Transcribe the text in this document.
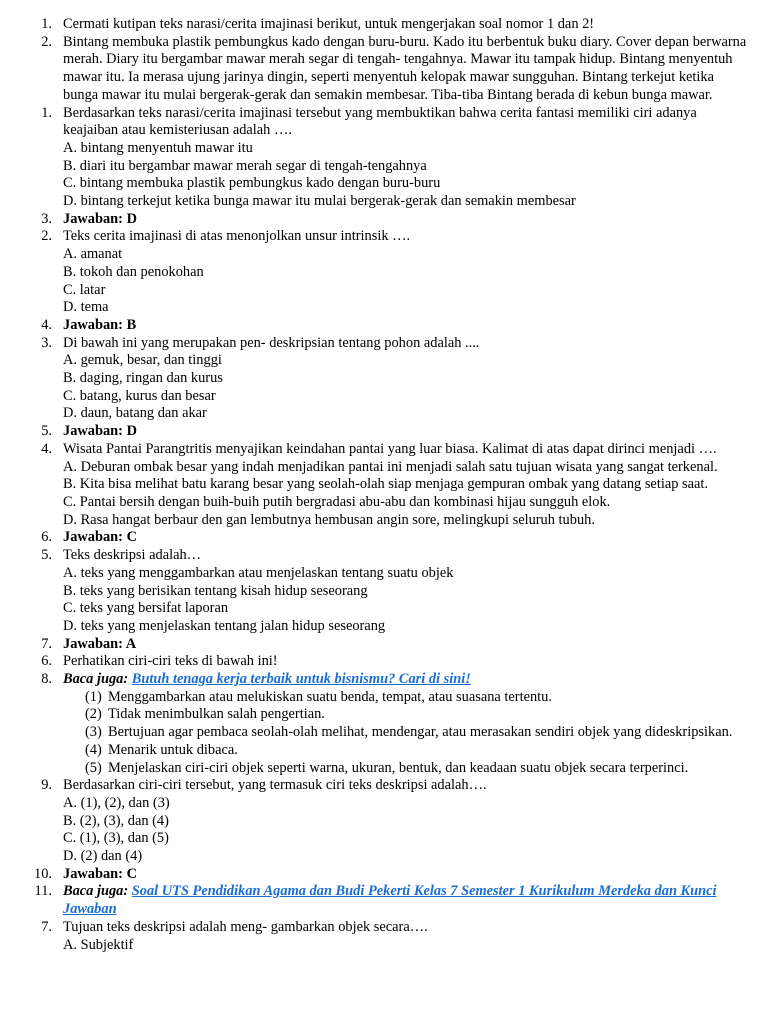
1. Cermati kutipan teks narasi/cerita imajinasi berikut, untuk mengerjakan soal nomor 1 dan 2!
2. Bintang membuka plastik pembungkus kado dengan buru-buru. Kado itu berbentuk buku diary. Cover depan berwarna merah. Diary itu bergambar mawar merah segar di tengah- tengahnya. Mawar itu tampak hidup. Bintang menyentuh mawar itu. Ia merasa ujung jarinya dingin, seperti menyentuh kelopak mawar sungguhan. Bintang terkejut ketika bunga mawar itu mulai bergerak-gerak dan semakin membesar. Tiba-tiba Bintang berada di kebun bunga mawar.
1. Berdasarkan teks narasi/cerita imajinasi tersebut yang membuktikan bahwa cerita fantasi memiliki ciri adanya keajaiban atau kemisteriusan adalah ….
A. bintang menyentuh mawar itu
B. diari itu bergambar mawar merah segar di tengah-tengahnya
C. bintang membuka plastik pembungkus kado dengan buru-buru
D. bintang terkejut ketika bunga mawar itu mulai bergerak-gerak dan semakin membesar
3. Jawaban: D
2. Teks cerita imajinasi di atas menonjolkan unsur intrinsik ….
A. amanat
B. tokoh dan penokohan
C. latar
D. tema
4. Jawaban: B
3. Di bawah ini yang merupakan pen- deskripsian tentang pohon adalah ....
A. gemuk, besar, dan tinggi
B. daging, ringan dan kurus
C. batang, kurus dan besar
D. daun, batang dan akar
5. Jawaban: D
4. Wisata Pantai Parangtritis menyajikan keindahan pantai yang luar biasa. Kalimat di atas dapat dirinci menjadi ….
A. Deburan ombak besar yang indah menjadikan pantai ini menjadi salah satu tujuan wisata yang sangat terkenal.
B. Kita bisa melihat batu karang besar yang seolah-olah siap menjaga gempuran ombak yang datang setiap saat.
C. Pantai bersih dengan buih-buih putih bergradasi abu-abu dan kombinasi hijau sungguh elok.
D. Rasa hangat berbaur den gan lembutnya hembusan angin sore, melingkupi seluruh tubuh.
6. Jawaban: C
5. Teks deskripsi adalah…
A. teks yang menggambarkan atau menjelaskan tentang suatu objek
B. teks yang berisikan tentang kisah hidup seseorang
C. teks yang bersifat laporan
D. teks yang menjelaskan tentang jalan hidup seseorang
7. Jawaban: A
6. Perhatikan ciri-ciri teks di bawah ini!
8. Baca juga: Butuh tenaga kerja terbaik untuk bisnismu? Cari di sini!
(1) Menggambarkan atau melukiskan suatu benda, tempat, atau suasana tertentu.
(2) Tidak menimbulkan salah pengertian.
(3) Bertujuan agar pembaca seolah-olah melihat, mendengar, atau merasakan sendiri objek yang dideskripsikan.
(4) Menarik untuk dibaca.
(5) Menjelaskan ciri-ciri objek seperti warna, ukuran, bentuk, dan keadaan suatu objek secara terperinci.
9. Berdasarkan ciri-ciri tersebut, yang termasuk ciri teks deskripsi adalah….
A. (1), (2), dan (3)
B. (2), (3), dan (4)
C. (1), (3), dan (5)
D. (2) dan (4)
10. Jawaban: C
11. Baca juga: Soal UTS Pendidikan Agama dan Budi Pekerti Kelas 7 Semester 1 Kurikulum Merdeka dan Kunci Jawaban
7. Tujuan teks deskripsi adalah meng- gambarkan objek secara….
A. Subjektif
